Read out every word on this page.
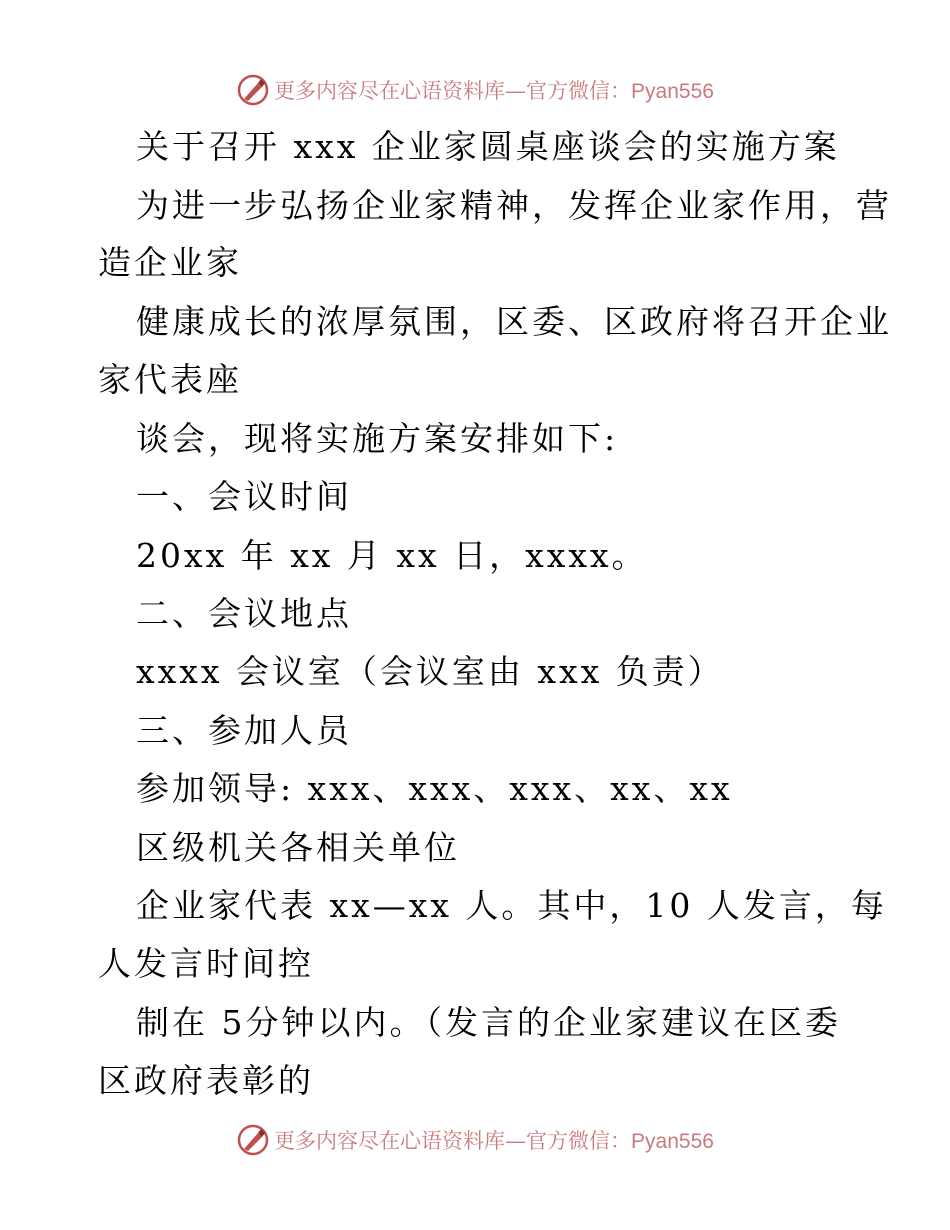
更多内容尽在心语资料库—官方微信：Pyan556
关于召开 xxx 企业家圆桌座谈会的实施方案
为进一步弘扬企业家精神，发挥企业家作用，营
造企业家
健康成长的浓厚氛围，区委、区政府将召开企业
家代表座
谈会，现将实施方案安排如下:
一、会议时间
20xx 年 xx 月 xx 日，xxxx。
二、会议地点
xxxx 会议室（会议室由 xxx 负责）
三、参加人员
参加领导: xxx、xxx、xxx、xx、xx
区级机关各相关单位
企业家代表 xx—xx 人。其中，10 人发言，每
人发言时间控
制在 5分钟以内。（发言的企业家建议在区委
区政府表彰的
更多内容尽在心语资料库—官方微信：Pyan556
